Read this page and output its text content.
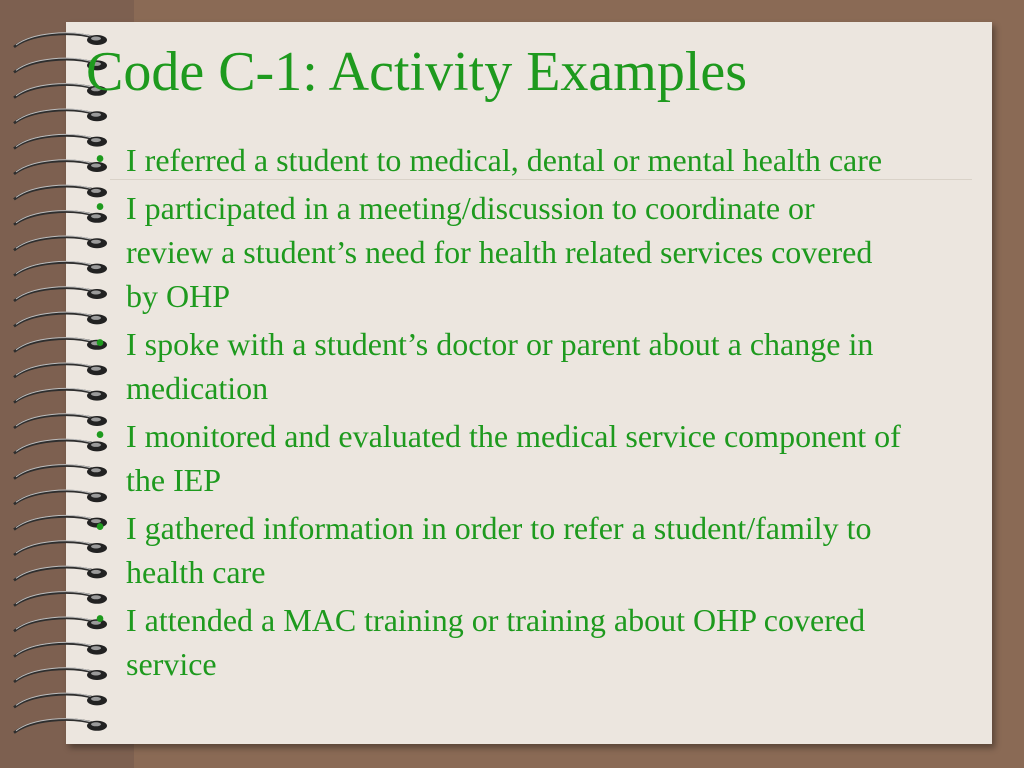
Code C-1: Activity Examples
• I referred a student to medical, dental or mental health care
• I participated in a meeting/discussion to coordinate or review a student’s need for health related services covered by OHP
• I spoke with a student’s doctor or parent about a change in medication
• I monitored and evaluated the medical service component of the IEP
• I gathered information in order to refer a student/family to health care
• I attended a MAC training or training about OHP covered service
